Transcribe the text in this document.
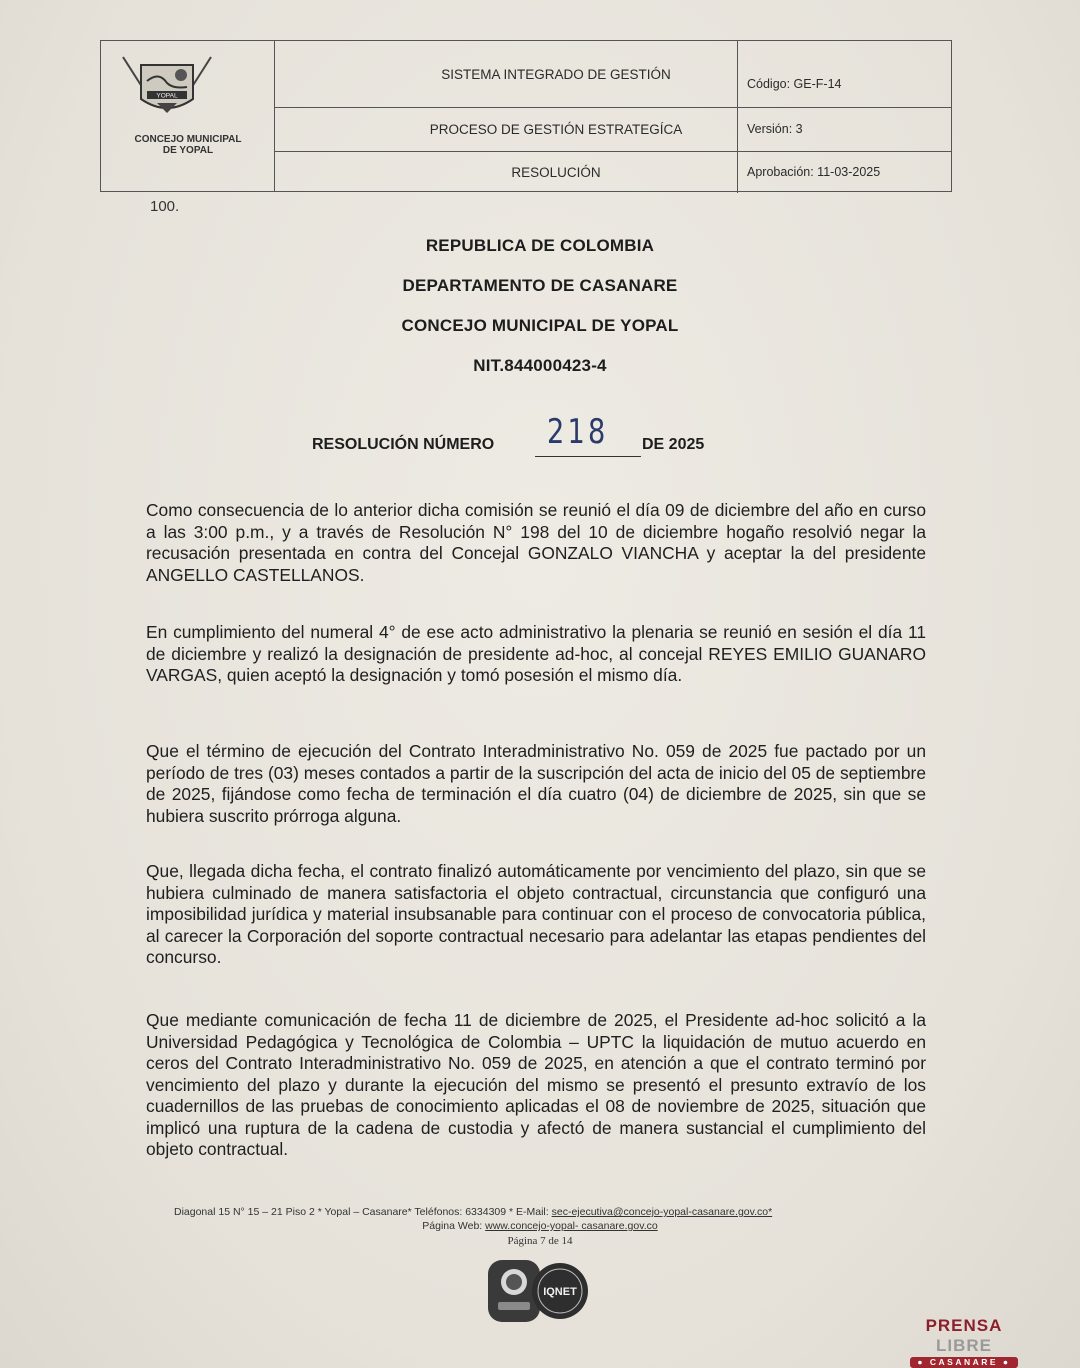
YOPAL
CONCEJO MUNICIPAL
DE YOPAL
SISTEMA INTEGRADO DE GESTIÓN
PROCESO DE GESTIÓN ESTRATEGÍCA
RESOLUCIÓN
Código: GE-F-14
Versión: 3
Aprobación: 11-03-2025
100.
REPUBLICA DE COLOMBIA
DEPARTAMENTO DE CASANARE
CONCEJO MUNICIPAL DE YOPAL
NIT.844000423-4
RESOLUCIÓN NÚMERO 218 DE 2025
Como consecuencia de lo anterior dicha comisión se reunió el día 09 de diciembre del año en curso a las 3:00 p.m., y a través de Resolución N° 198 del 10 de diciembre hogaño resolvió negar la recusación presentada en contra del Concejal GONZALO VIANCHA y aceptar la del presidente ANGELLO CASTELLANOS.
En cumplimiento del numeral 4° de ese acto administrativo la plenaria se reunió en sesión el día 11 de diciembre y realizó la designación de presidente ad-hoc, al concejal REYES EMILIO GUANARO VARGAS, quien aceptó la designación y tomó posesión el mismo día.
Que el término de ejecución del Contrato Interadministrativo No. 059 de 2025 fue pactado por un período de tres (03) meses contados a partir de la suscripción del acta de inicio del 05 de septiembre de 2025, fijándose como fecha de terminación el día cuatro (04) de diciembre de 2025, sin que se hubiera suscrito prórroga alguna.
Que, llegada dicha fecha, el contrato finalizó automáticamente por vencimiento del plazo, sin que se hubiera culminado de manera satisfactoria el objeto contractual, circunstancia que configuró una imposibilidad jurídica y material insubsanable para continuar con el proceso de convocatoria pública, al carecer la Corporación del soporte contractual necesario para adelantar las etapas pendientes del concurso.
Que mediante comunicación de fecha 11 de diciembre de 2025, el Presidente ad-hoc solicitó a la Universidad Pedagógica y Tecnológica de Colombia – UPTC la liquidación de mutuo acuerdo en ceros del Contrato Interadministrativo No. 059 de 2025, en atención a que el contrato terminó por vencimiento del plazo y durante la ejecución del mismo se presentó el presunto extravío de los cuadernillos de las pruebas de conocimiento aplicadas el 08 de noviembre de 2025, situación que implicó una ruptura de la cadena de custodia y afectó de manera sustancial el cumplimiento del objeto contractual.
Diagonal 15 N° 15 – 21 Piso 2 * Yopal – Casanare* Teléfonos: 6334309 * E-Mail: sec-ejecutiva@concejo-yopal-casanare.gov.co*
Página Web: www.concejo-yopal- casanare.gov.co
Página 7 de 14
IQNET
PRENSA LIBRE
● CASANARE ●
